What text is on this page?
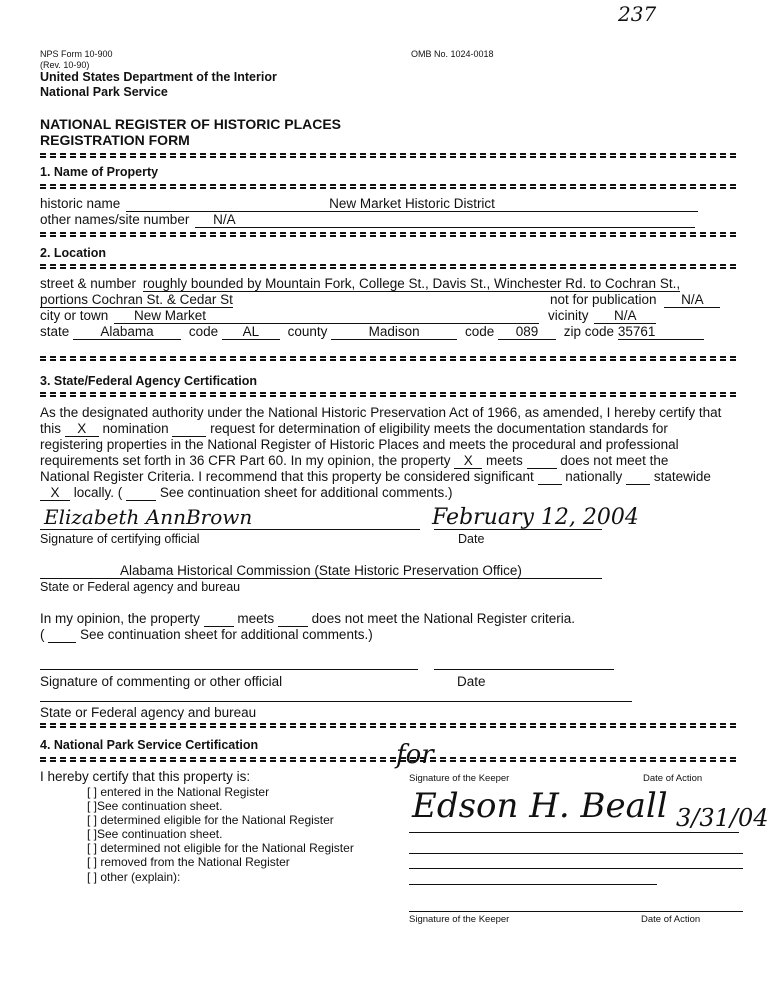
237
NPS Form 10-900
(Rev. 10-90)
OMB No. 1024-0018
United States Department of the Interior
National Park Service
NATIONAL REGISTER OF HISTORIC PLACES
REGISTRATION FORM
1. Name of Property
historic name	New Market Historic District
other names/site number N/A
2. Location
street & number roughly bounded by Mountain Fork, College St., Davis St., Winchester Rd. to Cochran St.,
portions Cochran St. & Cedar St	not for publication N/A
city or town New Market	vicinity N/A
state Alabama	code AL county	Madison	code 089 zip code 35761
3. State/Federal Agency Certification
As the designated authority under the National Historic Preservation Act of 1966, as amended, I hereby certify that
this X nomination	request for determination of eligibility meets the documentation standards for
registering properties in the National Register of Historic Places and meets the procedural and professional
requirements set forth in 36 CFR Part 60. In my opinion, the property X meets	does not meet the
National Register Criteria. I recommend that this property be considered significant nationally statewide
X locally. (	See continuation sheet for additional comments.)
Elizabeth AnnBrown	February 12, 2004
Signature of certifying official	Date
Alabama Historical Commission (State Historic Preservation Office)
State or Federal agency and bureau
In my opinion, the property	meets	does not meet the National Register criteria.
(	See continuation sheet for additional comments.)
Signature of commenting or other official	Date
State or Federal agency and bureau
4. National Park Service Certification
I hereby certify that this property is:
[ ] entered in the National Register
[ ]See continuation sheet.
[ ] determined eligible for the National Register
[ ]See continuation sheet.
[ ] determined not eligible for the National Register
[ ] removed from the National Register
[ ] other (explain):
for
Signature of the Keeper	Date of Action
Edson H. Beall 3/31/04
Signature of the Keeper	Date of Action
